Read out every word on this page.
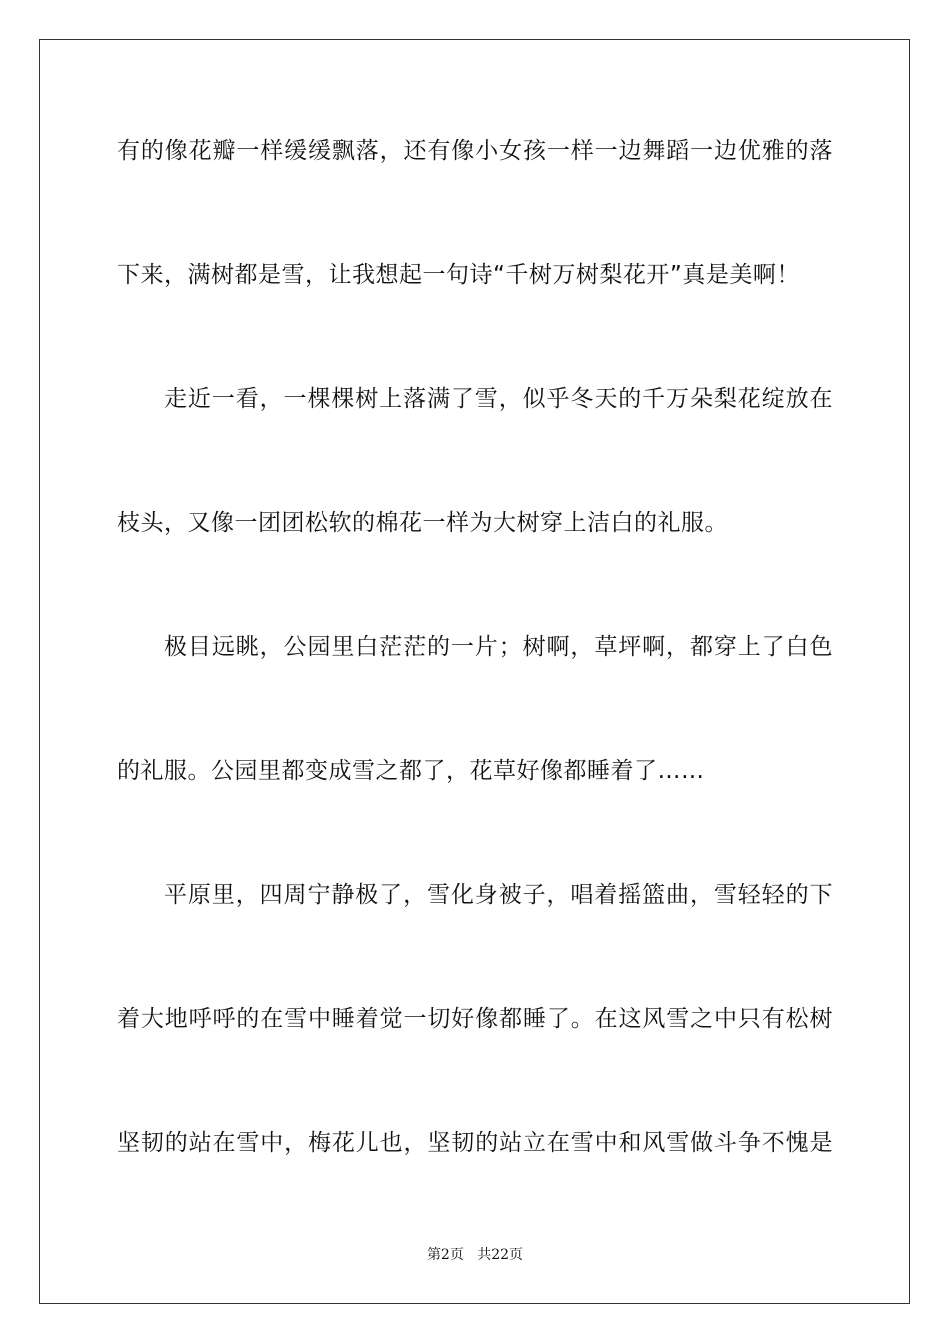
有的像花瓣一样缓缓飘落，还有像小女孩一样一边舞蹈一边优雅的落
下来，满树都是雪，让我想起一句诗“千树万树梨花开”真是美啊！
走近一看，一棵棵树上落满了雪，似乎冬天的千万朵梨花绽放在
枝头，又像一团团松软的棉花一样为大树穿上洁白的礼服。
极目远眺，公园里白茫茫的一片；树啊，草坪啊，都穿上了白色
的礼服。公园里都变成雪之都了，花草好像都睡着了……
平原里，四周宁静极了，雪化身被子，唱着摇篮曲，雪轻轻的下
着大地呼呼的在雪中睡着觉一切好像都睡了。在这风雪之中只有松树
坚韧的站在雪中，梅花儿也，坚韧的站立在雪中和风雪做斗争不愧是
第2页 共22页
